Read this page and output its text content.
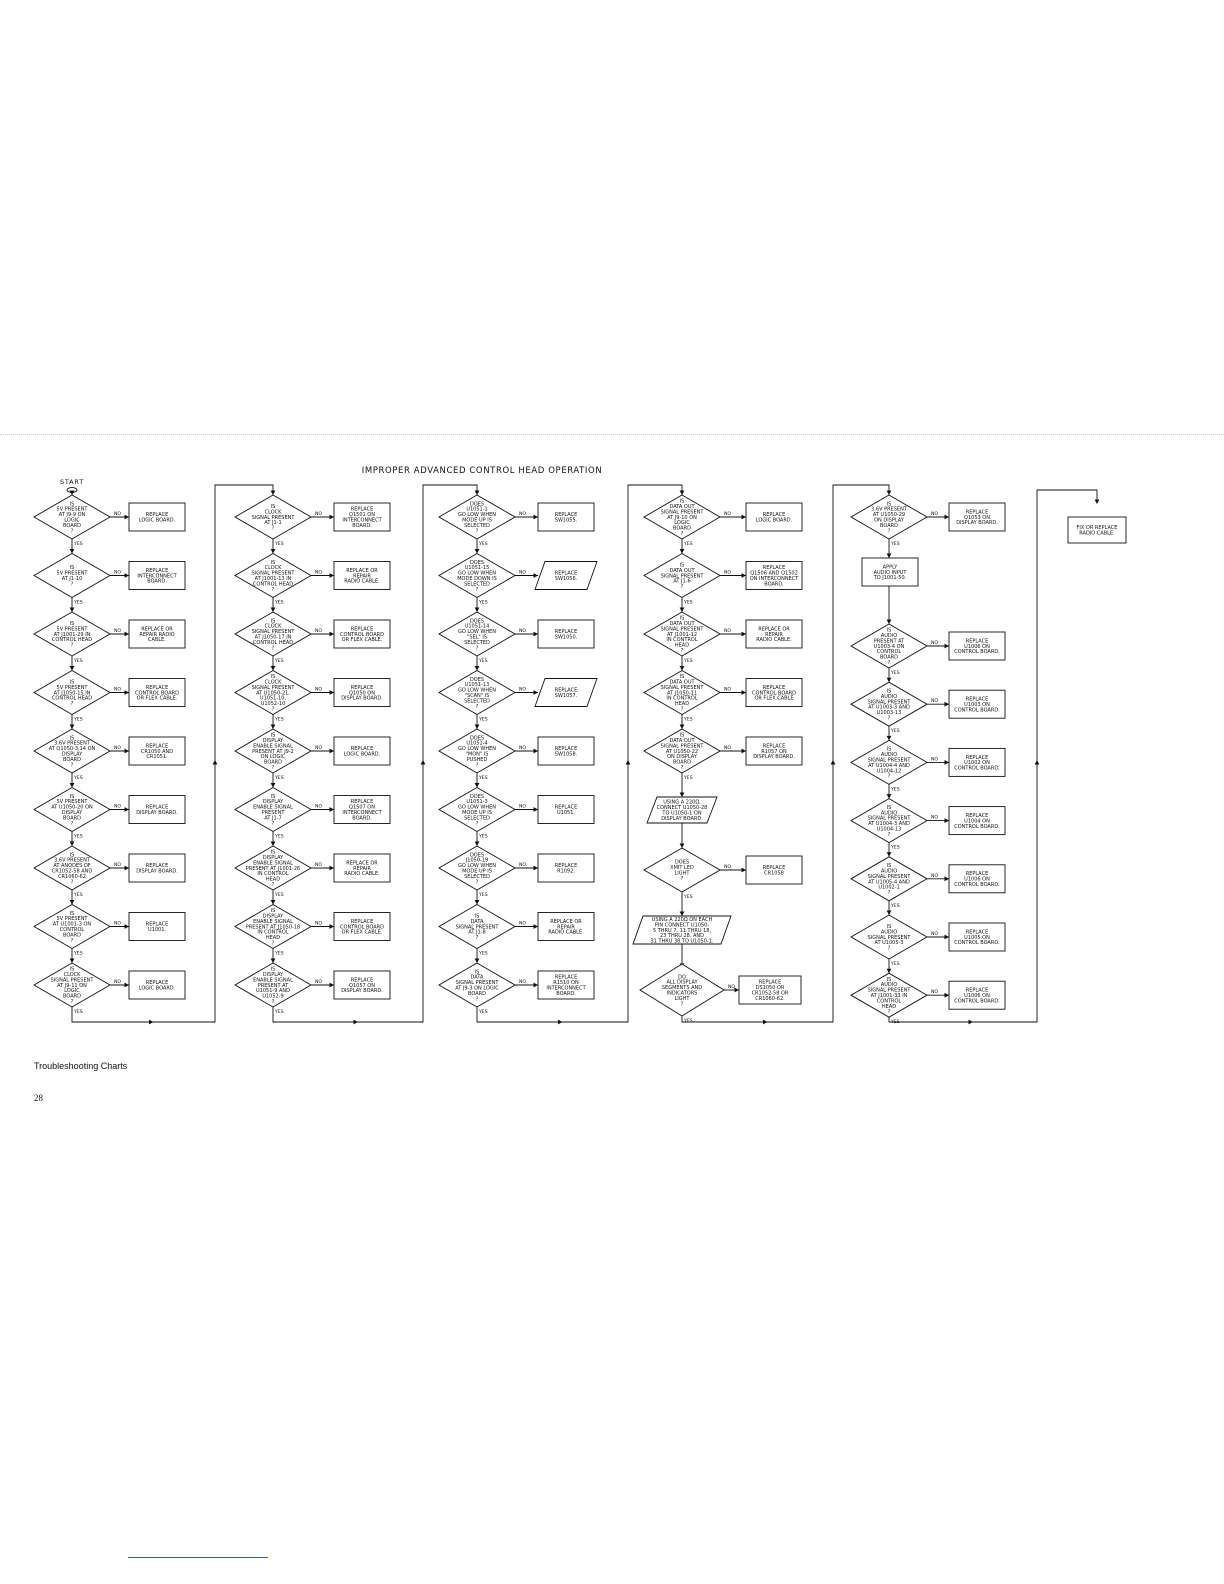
IMPROPER ADVANCED CONTROL HEAD OPERATION
START
IS 5V PRESENT AT J9-9 ON LOGIC BOARD ?
REPLACE LOGIC BOARD.
NO
YES
IS 5V PRESENT AT J1-10 ?
REPLACE INTERCONNECT BOARD.
NO
YES
IS 5V PRESENT AT J1001-29 IN CONTROL HEAD ?
REPLACE OR REPAIR RADIO CABLE.
NO
YES
IS 5V PRESENT AT J1050-15 IN CONTROL HEAD ?
REPLACE CONTROL BOARD OR FLEX CABLE.
NO
YES
IS 3.6V PRESENT AT Q1050-3,14 ON DISPLAY BOARD ?
REPLACE CR1050 AND CR1051.
NO
YES
IS 5V PRESENT AT U1050-20 ON DISPLAY BOARD ?
REPLACE DISPLAY BOARD.
NO
YES
IS 3.6V PRESENT AT ANODES OF CR1052-58 AND CR1060-62 ?
REPLACE DISPLAY BOARD.
NO
YES
IS 5V PRESENT AT U1001-3 ON CONTROL BOARD ?
REPLACE U1001.
NO
YES
IS CLOCK SIGNAL PRESENT AT J9-11 ON LOGIC BOARD ?
REPLACE LOGIC BOARD.
NO
YES
IS CLOCK SIGNAL PRESENT AT J1-1 ?
REPLACE Q1501 ON INTERCONNECT BOARD.
NO
YES
IS CLOCK SIGNAL PRESENT AT J1001-13 IN CONTROL HEAD ?
REPLACE OR REPAIR RADIO CABLE.
NO
YES
IS CLOCK SIGNAL PRESENT AT J1050-17 IN CONTROL HEAD ?
REPLACE CONTROL BOARD OR FLEX CABLE.
NO
YES
IS CLOCK SIGNAL PRESENT AT U1050-21, U1051-10, U1052-10 ?
REPLACE Q1050 ON DISPLAY BOARD.
NO
YES
IS DISPLAY ENABLE SIGNAL PRESENT AT J9-2 ON LOGIC BOARD ?
REPLACE LOGIC BOARD.
NO
YES
IS DISPLAY ENABLE SIGNAL PRESENT AT J1-7 ?
REPLACE Q1507 ON INTERCONNECT BOARD.
NO
YES
IS DISPLAY ENABLE SIGNAL PRESENT AT J1001-26 IN CONTROL HEAD ?
REPLACE OR REPAIR RADIO CABLE.
NO
YES
IS DISPLAY ENABLE SIGNAL PRESENT AT J1050-18 IN CONTROL HEAD ?
REPLACE CONTROL BOARD OR FLEX CABLE.
NO
YES
IS DISPLAY ENABLE SIGNAL PRESENT AT U1051-9 AND U1052-9 ?
REPLACE Q1057 ON DISPLAY BOARD.
NO
YES
DOES U1051-1 GO LOW WHEN MODE UP IS SELECTED ?
REPLACE SW1055.
NO
YES
DOES U1051-15 GO LOW WHEN MODE DOWN IS SELECTED ?
REPLACE SW1056.
NO
YES
DOES U1051-14 GO LOW WHEN "SEL" IS SELECTED ?
REPLACE SW1050.
NO
YES
DOES U1051-13 GO LOW WHEN "SCAN" IS SELECTED ?
REPLACE SW1057.
NO
YES
DOES U1051-4 GO LOW WHEN "MON" IS PUSHED ?
REPLACE SW1058.
NO
YES
DOES U1051-3 GO LOW WHEN MODE UP IS SELECTED ?
REPLACE U1051.
NO
YES
DOES J1050-19 GO LOW WHEN MODE UP IS SELECTED ?
REPLACE R1092.
NO
YES
IS DATA SIGNAL PRESENT AT J1-8 ?
REPLACE OR REPAIR RADIO CABLE.
NO
YES
IS DATA SIGNAL PRESENT AT J9-3 ON LOGIC BOARD ?
REPLACE R1510 ON INTERCONNECT BOARD.
NO
YES
IS DATA OUT SIGNAL PRESENT AT J9-10 ON LOGIC BOARD ?
REPLACE LOGIC BOARD.
NO
YES
IS DATA OUT SIGNAL PRESENT AT J1-6 ?
REPLACE Q1506 AND Q1502 ON INTERCONNECT BOARD.
NO
YES
IS DATA OUT SIGNAL PRESENT AT J1001-12 IN CONTROL HEAD ?
REPLACE OR REPAIR RADIO CABLE.
NO
YES
IS DATA OUT SIGNAL PRESENT AT J1050-11 IN CONTROL HEAD ?
REPLACE CONTROL BOARD OR FLEX CABLE
NO
YES
IS DATA OUT SIGNAL PRESENT AT U1050-22 ON DISPLAY BOARD ?
REPLACE R1057 ON DISPLAY BOARD.
NO
YES
USING A 220Ω, CONNECT U1050-28 TO U1050-1 ON DISPLAY BOARD.
DOES XMIT LED LIGHT ?
REPLACE CR1058
NO
YES
USING A 220Ω ON EACH PIN CONNECT U1050-5 THRU 7, 11 THRU 18, 23 THRU 28, AND 31 THRU 38 TO U1050-1.
DO ALL DISPLAY SEGMENTS AND INDICATORS LIGHT ?
REPLACE DS1050 OR CR1052-58 OR CR1060-62.
NO
YES
IS 3.6V PRESENT AT U1050-29 ON DISPLAY BOARD ?
REPLACE Q1053 ON DISPLAY BOARD.
NO
YES
APPLY AUDIO INPUT TO J1001-50.
IS AUDIO PRESENT AT U1003-4 ON CONTROL BOARD ?
REPLACE U1006 ON CONTROL BOARD.
NO
YES
IS AUDIO SIGNAL PRESENT AT U1003-3 AND U1003-13 ?
REPLACE U1003 ON CONTROL BOARD.
NO
YES
IS AUDIO SIGNAL PRESENT AT U1004-4 AND U1004-12 ?
REPLACE U1002 ON CONTROL BOARD.
NO
YES
IS AUDIO SIGNAL PRESENT AT U1004-3 AND U1004-13 ?
REPLACE U1004 ON CONTROL BOARD.
NO
YES
IS AUDIO SIGNAL PRESENT AT U1005-4 AND U1002-1 ?
REPLACE U1006 ON CONTROL BOARD.
NO
YES
IS AUDIO SIGNAL PRESENT AT U1005-3 ?
REPLACE U1005 ON CONTROL BOARD.
NO
YES
IS AUDIO SIGNAL PRESENT AT J1001-33 IN CONTROL HEAD ?
REPLACE U1006 ON CONTROL BOARD.
NO
YES
FIX OR REPLACE RADIO CABLE.
Troubleshooting Charts
28
